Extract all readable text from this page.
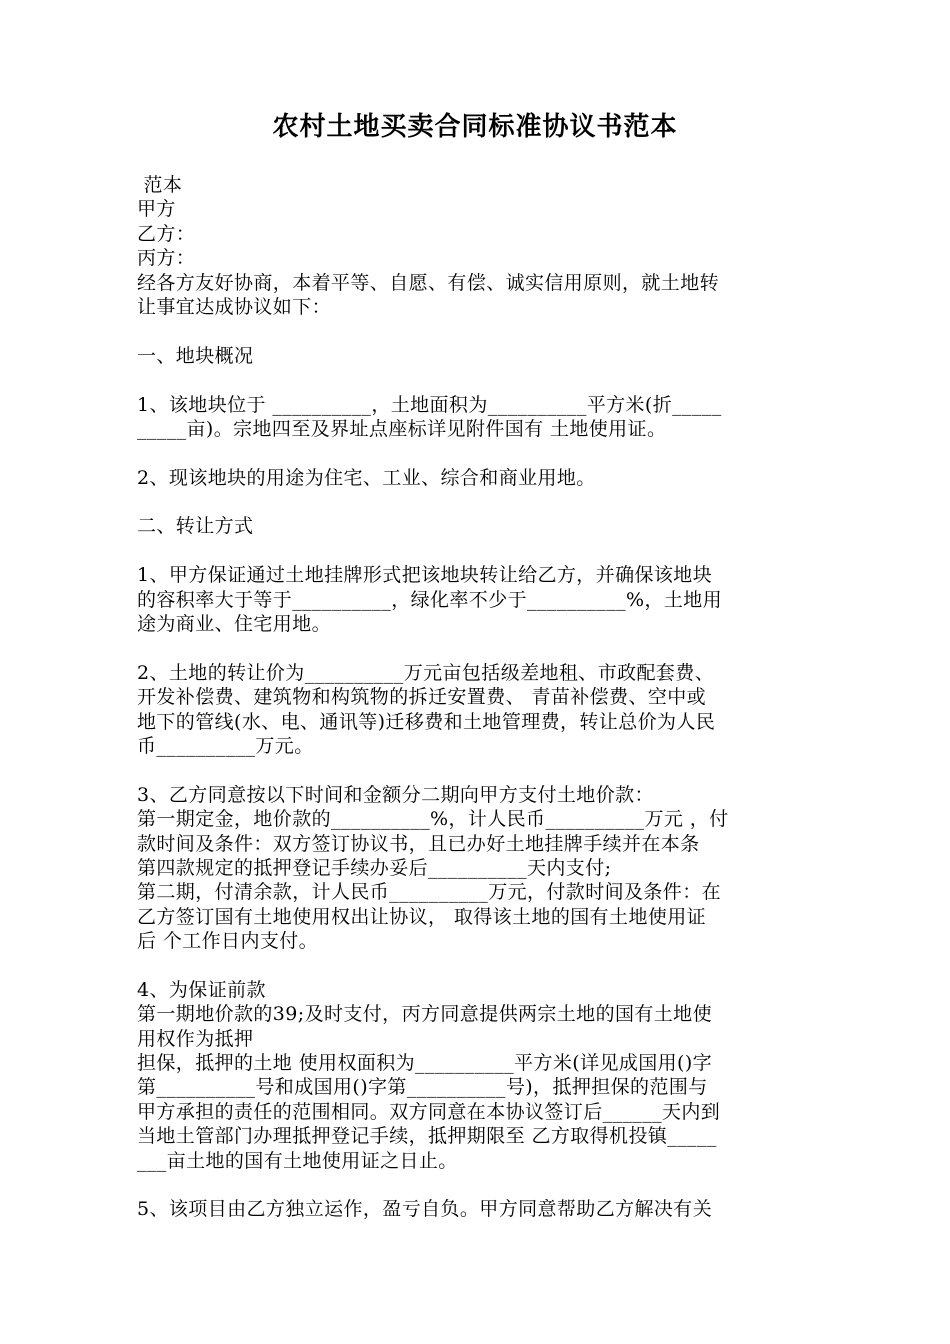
农村土地买卖合同标准协议书范本
范本
甲方
乙方：
丙方：
经各方友好协商，本着平等、自愿、有偿、诚实信用原则，就土地转
让事宜达成协议如下：
一、地块概况
1、该地块位于 __________，土地面积为__________平方米(折_____
_____亩)。宗地四至及界址点座标详见附件国有 土地使用证。
2、现该地块的用途为住宅、工业、综合和商业用地。
二、转让方式
1、甲方保证通过土地挂牌形式把该地块转让给乙方，并确保该地块
的容积率大于等于__________，绿化率不少于__________%，土地用
途为商业、住宅用地。
2、土地的转让价为__________万元亩包括级差地租、市政配套费、
开发补偿费、建筑物和构筑物的拆迁安置费、 青苗补偿费、空中或
地下的管线(水、电、通讯等)迁移费和土地管理费，转让总价为人民
币__________万元。
3、乙方同意按以下时间和金额分二期向甲方支付土地价款：
第一期定金，地价款的__________%，计人民币__________万元 ，付
款时间及条件：双方签订协议书，且已办好土地挂牌手续并在本条
第四款规定的抵押登记手续办妥后__________天内支付;
第二期，付清余款，计人民币__________万元，付款时间及条件：在
乙方签订国有土地使用权出让协议， 取得该土地的国有土地使用证
后 个工作日内支付。
4、为保证前款
第一期地价款的39;及时支付，丙方同意提供两宗土地的国有土地使
用权作为抵押
担保，抵押的土地 使用权面积为__________平方米(详见成国用()字
第__________号和成国用()字第__________号)，抵押担保的范围与
甲方承担的责任的范围相同。双方同意在本协议签订后______天内到
当地土管部门办理抵押登记手续，抵押期限至 乙方取得机投镇_____
___亩土地的国有土地使用证之日止。
5、该项目由乙方独立运作，盈亏自负。甲方同意帮助乙方解决有关
